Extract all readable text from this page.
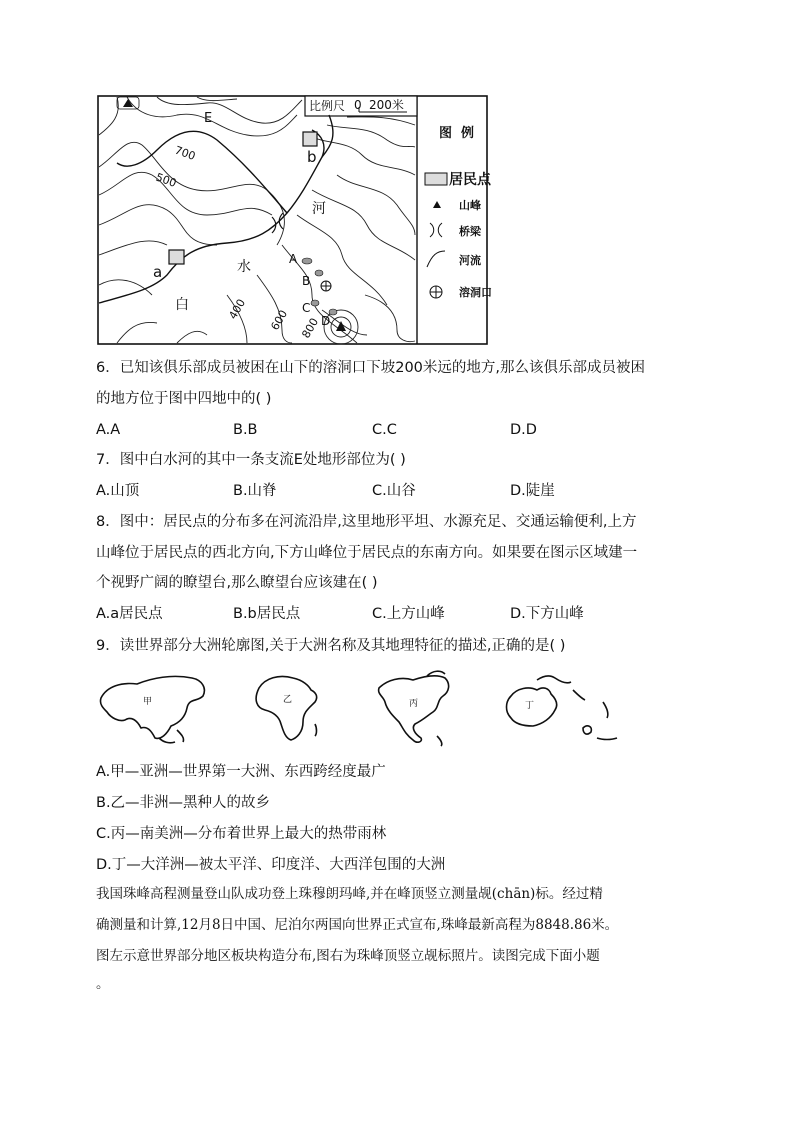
比例尺 0 200米
图  例
居民点
山峰
桥梁
河流
溶洞口
白
水
河
700
500
400 600 800
E
a
b
A
B
C
D
6．已知该俱乐部成员被困在山下的溶洞口下坡200米远的地方,那么该俱乐部成员被困
的地方位于图中四地中的( )
A.A	B.B	C.C	D.D
7．图中白水河的其中一条支流E处地形部位为( )
A.山顶	B.山脊	C.山谷	D.陡崖
8．图中：居民点的分布多在河流沿岸,这里地形平坦、水源充足、交通运输便利,上方
山峰位于居民点的西北方向,下方山峰位于居民点的东南方向。如果要在图示区域建一
个视野广阔的瞭望台,那么瞭望台应该建在( )
A.a居民点	B.b居民点	C.上方山峰	D.下方山峰
9．读世界部分大洲轮廓图,关于大洲名称及其地理特征的描述,正确的是( )
甲	乙	丙	丁
A.甲—亚洲—世界第一大洲、东西跨经度最广
B.乙—非洲—黑种人的故乡
C.丙—南美洲—分布着世界上最大的热带雨林
D.丁—大洋洲—被太平洋、印度洋、大西洋包围的大洲
我国珠峰高程测量登山队成功登上珠穆朗玛峰,并在峰顶竖立测量觇(chān)标。经过精
确测量和计算,12月8日中国、尼泊尔两国向世界正式宣布,珠峰最新高程为8848.86米。
图左示意世界部分地区板块构造分布,图右为珠峰顶竖立觇标照片。读图完成下面小题
。
